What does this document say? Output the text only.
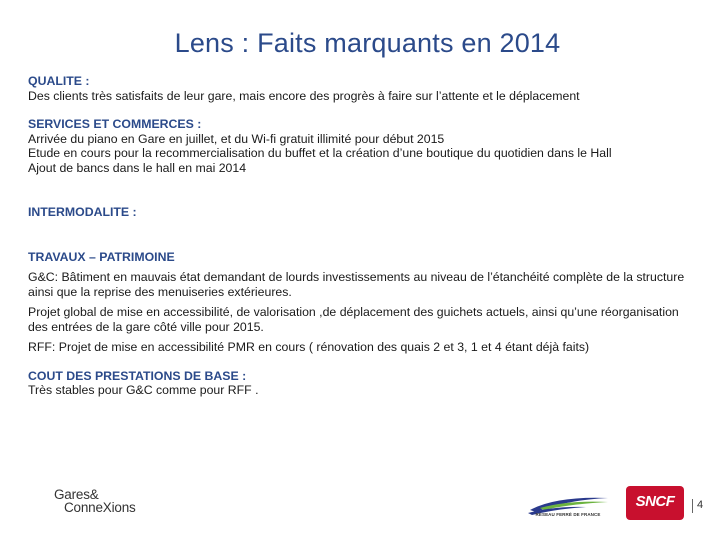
Lens : Faits marquants en 2014
QUALITE :
Des clients très satisfaits de leur gare, mais encore des progrès à faire sur l’attente et le déplacement
SERVICES ET COMMERCES :
Arrivée du piano en Gare en juillet, et du Wi-fi gratuit illimité pour début 2015
Etude en cours pour la recommercialisation du buffet et la création d’une boutique du quotidien dans le Hall
Ajout de bancs dans le hall en mai 2014
INTERMODALITE :
TRAVAUX – PATRIMOINE
G&C: Bâtiment en mauvais état demandant de lourds investissements au niveau de l’étanchéité complète de la structure ainsi que la reprise des menuiseries extérieures.
Projet global de mise en accessibilité, de valorisation ,de déplacement des guichets actuels, ainsi qu’une réorganisation des entrées de la gare côté ville pour 2015.
RFF: Projet de mise en accessibilité PMR en cours ( rénovation des quais 2 et 3, 1 et 4 étant déjà faits)
COUT DES PRESTATIONS DE BASE :
Très stables pour G&C comme pour RFF .
Gares&
ConneXions	RÉSEAU FERRÉ DE FRANCE
SNCF	4
